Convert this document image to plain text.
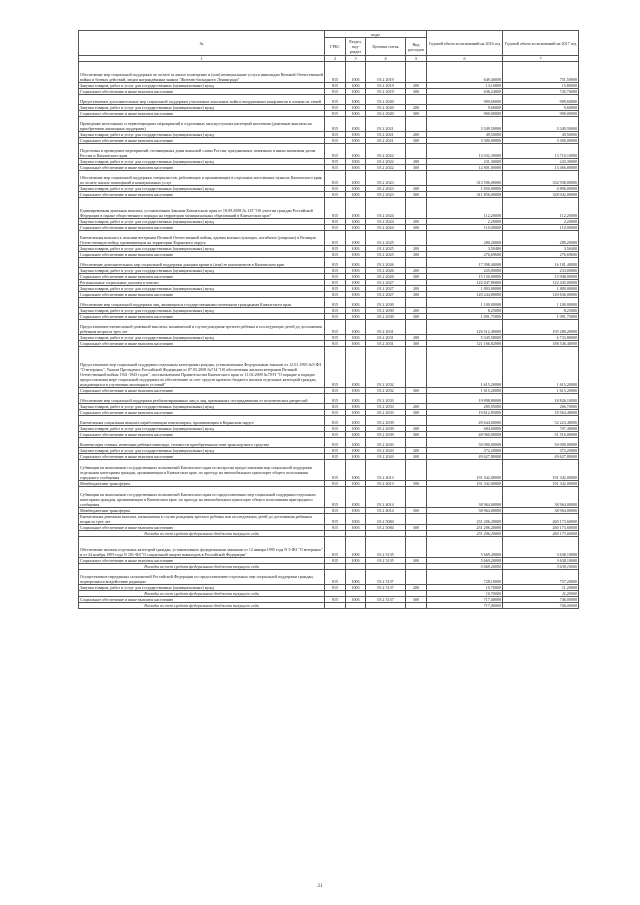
№	коды				Годовой объем ассигнований на 2016 год	Годовой объем ассигнований на 2017 год
	ГРБС	Раздел, под-раздел	Целевая статья	Вид расходов		
1	2	3	4	5	6	7
Обеспечение мер социальной поддержки по оплате за жилое помещение и (или) коммунальные услуги инвалидам Великой Отечественной войны и боевых действий, лицам награждённым знаком "Жителю блокадного Ленинграда"	815	1003	03 2 2019		649,40000	751,50000
Закупка товаров, работ и услуг для государственных (муниципальных) нужд	815	1003	03 2 2019	200	13,16000	15,80000
Социальное обеспечение и иные выплаты населению	815	1003	03 2 2019	300	636,24000	745,76000
Предоставление дополнительных мер социальной поддержки участникам локальных войн и вооруженных конфликтов и членам их семей	815	1003	03 2 2020		909,60000	909,60000
Закупка товаров, работ и услуг для государственных (муниципальных) нужд	815	1003	03 2 2020	200	9,60000	9,60000
Социальное обеспечение и иные выплаты населению	815	1003	03 2 2020	300	900,00000	900,00000
Проведение неотложных и первоочередных мероприятий в отдаленных малодоступных категорий населения (денежные выплаты на приобретение жилищных поддержек)	815	1003	03 2 2021		3 349,50000	3 349,50000
Закупка товаров, работ и услуг для государственных (муниципальных) нужд	815	1003	03 2 2021	200	49,50000	49,50000
Социальное обеспечение и иные выплаты населению	815	1003	03 2 2021	300	3 300,00000	3 300,00000
Подготовка и проведение мероприятий, посвященных дням воинской славы России, праздничным, памятным и иным значимым датам России и Камчатского края	815	1003	03 2 2022		13 032,30000	13 710,10000
Закупка товаров, работ и услуг для государственных (муниципальных) нужд	815	1003	03 2 2022	200	231,30000	243,30000
Социальное обеспечение и иные выплаты населению	815	1003	03 2 2022	300	12 801,00000	13 466,80000
Обеспечение мер социальной поддержки специалистов, работающих и проживающих в отдельных населенных пунктах Камчатского края, по оплате жилых помещений и коммунальных услуг	815	1003	03 2 2023		313 506,00000	332 938,00000
Закупка товаров, работ и услуг для государственных (муниципальных) нужд	815	1003	03 2 2023	200	1 650,00000	4 896,00000
Социальное обеспечение и иные выплаты населению	815	1003	03 2 2023	300	311 856,00000	328 042,00000
Единовременная денежная выплата, установленная Законом Камчатского края от 18.09.2008 № 125 "Об участии граждан Российской Федерации в охране общественного порядка на территории муниципальных образований в Камчатском крае"	815	1003	03 2 2024		112,20000	112,20000
Закупка товаров, работ и услуг для государственных (муниципальных) нужд	815	1003	03 2 2024	200	2,20000	2,20000
Социальное обеспечение и иные выплаты населению	815	1003	03 2 2024	300	110,00000	110,00000
Ежемесячная выплата к пенсиям ветеранам Великой Отечественной войны, вдовам военнослужащих, погибших (умерших) в Великую Отечественную войну, проживающим на территории Корякского округа	815	1003	03 2 2025		280,20000	280,20000
Закупка товаров, работ и услуг для государственных (муниципальных) нужд	815	1003	03 2 2025	200	3,50400	3,50400
Социальное обеспечение и иные выплаты населению	815	1003	03 2 2025	300	276,69600	276,69600
Обеспечение дополнительных мер социальной поддержки донорам крови и (или) ее компонентов в Камчатском крае	815	1003	03 2 2026		17 398,40000	16 181,40000
Закупка товаров, работ и услуг для государственных (муниципальных) нужд	815	1003	03 2 2026	200	225,00000	233,00000
Социальное обеспечение и иные выплаты населению	815	1003	03 2 2026	300	15 150,00000	15 948,00000
Региональные социальные доплаты к пенсии	815	1003	03 2 2027		122 047,80000	122 445,00000
Закупка товаров, работ и услуг для государственных (муниципальных) нужд	815	1003	03 2 2027	200	1 803,00000	1 809,00000
Социальное обеспечение и иные выплаты населению	815	1003	03 2 2027	300	120 244,80000	120 636,00000
Обеспечение мер социальной поддержки лиц, являющихся государственными почетными гражданами Камчатского края	815	1003	03 2 2030		1 100,00000	1 100,00000
Закупка товаров, работ и услуг для государственных (муниципальных) нужд	815	1003	03 2 2030	200	8,25000	8,25000
Социальное обеспечение и иные выплаты населению	815	1003	03 2 2030	300	1 091,75000	1 091,75000
Предоставление ежемесячной денежной выплаты, назначаемой в случае рождения третьего ребенка и последующих детей до достижения ребенком возраста трех лет	815	1003	03 2 2031		126 512,40000	195 280,20000
Закупка товаров, работ и услуг для государственных (муниципальных) нужд	815	1003	03 2 2031	200	5 345,58000	6 733,80000
Социальное обеспечение и иные выплаты населению	815	1003	03 2 2031	300	121 166,82000	188 546,40000
Предоставление мер социальной поддержки отдельным категориям граждан, установленным Федеральным законом от 12.01.1995 №5-ФЗ "О ветеранах", Указом Президента Российской Федерации от 07.05.2008 №714 "Об обеспечении жильем ветеранов Великой Отечественной войны 1941-1945 годов", постановлением Правительства Камчатского края от 11.02.2009 №70-П "О порядке и порядке предоставления мере социальной поддержки по обеспечению за счет средств краевого бюджета жильем отдельных категорий граждан, нуждающихся в улучшении жилищных условий"	815	1003	03 2 2032		1 615,20000	1 615,20000
Социальное обеспечение и иные выплаты населению	815	1003	03 2 2032	300	1 615,20000	1 615,20000
Обеспечение мер социальной поддержки реабилитированных лиц и лиц, признанных пострадавшими от политических репрессий	815	1003	03 2 2033		19 898,80000	18 826,10000
Закупка товаров, работ и услуг для государственных (муниципальных) нужд	815	1003	03 2 2033	200	285,95000	266,70000
Социальное обеспечение и иные выплаты населению	815	1003	03 2 2033	300	19 612,85000	18 564,40000
Ежемесячная социальная выплата неработающим пенсионерам, проживающим в Корякском округе	815	1003	03 2 2039		49 644,00000	52 223,40000
Закупка товаров, работ и услуг для государственных (муниципальных) нужд	815	1003	03 2 2039	200	684,00000	707,40000
Социальное обеспечение и иные выплаты населению	815	1003	03 2 2039	300	48 960,00000	51 516,00000
Компенсация семьям, имеющим ребенка-инвалида, стоимости приобретенного ими транспортного средства	815	1003	03 2 2043		50 000,00000	50 000,00000
Закупка товаров, работ и услуг для государственных (муниципальных) нужд	815	1003	03 2 2043	200	372,20000	372,20000
Социальное обеспечение и иные выплаты населению	815	1003	03 2 2043	300	49 627,80000	49 627,80000
Субвенции на выполнение государственных полномочий Камчатского края по вопросам предоставления мер социальной поддержки отдельным категориям граждан, проживающим в Камчатском крае, по проезду на автомобильном транспорте общего пользования городского сообщения	815	1003	03 2 4013		191 342,00000	191 342,00000
Межбюджетные трансферты	815	1003	03 2 4013	500	191 342,00000	191 342,00000
Субвенции на выполнение государственных полномочий Камчатского края по предоставлению мер социальной поддержки отдельным категориям граждан, проживающим в Камчатском крае, по проезду на автомобильном транспорте общего пользования пригородного сообщения	815	1003	03 2 4014		38 964,00000	38 964,00000
Межбюджетные трансферты	815	1003	03 2 4014	500	38 964,00000	38 964,00000
Ежемесячная денежная выплата, назначаемая в случае рождения третьего ребенка или последующих детей до достижения ребенком возраста трех лет	815	1003	03 2 5084		231 206,20000	260 173,60000
Социальное обеспечение и иные выплаты населению	815	1003	03 2 5084	300	231 206,20000	260 173,60000
Расходы за счет средств федерального бюджета текущего года					231 206,20000	260 173,60000
Обеспечение жильем отдельных категорий граждан, установленных федеральными законами от 12 января 1995 года N 5-ФЗ "О ветеранах" и от 24 ноября 1995 года N 181-ФЗ "О социальной защите инвалидов в Российской Федерации"	815	1003	03 2 5135		5 669,20000	3 638,10000
Социальное обеспечение и иные выплаты населению	815	1003	03 2 5135	300	5 669,20000	3 638,10000
Расходы за счет средств федерального бюджета текущего года					5 669,20000	3 638,10000
Осуществление переданных полномочий Российской Федерации по предоставлению отдельных мер социальной поддержки граждан, подвергшихся воздействию радиации	815	1003	03 2 5137		728,10000	757,20000
Закупка товаров, работ и услуг для государственных (муниципальных) нужд	815	1003	03 2 5137	200	10,70000	11,20000
Расходы за счет средств федерального бюджета текущего года					10,70000	11,20000
Социальное обеспечение и иные выплаты населению	815	1003	03 2 5137	300	717,40000	746,00000
Расходы за счет средств федерального бюджета текущего года					717,40000	746,00000
21
